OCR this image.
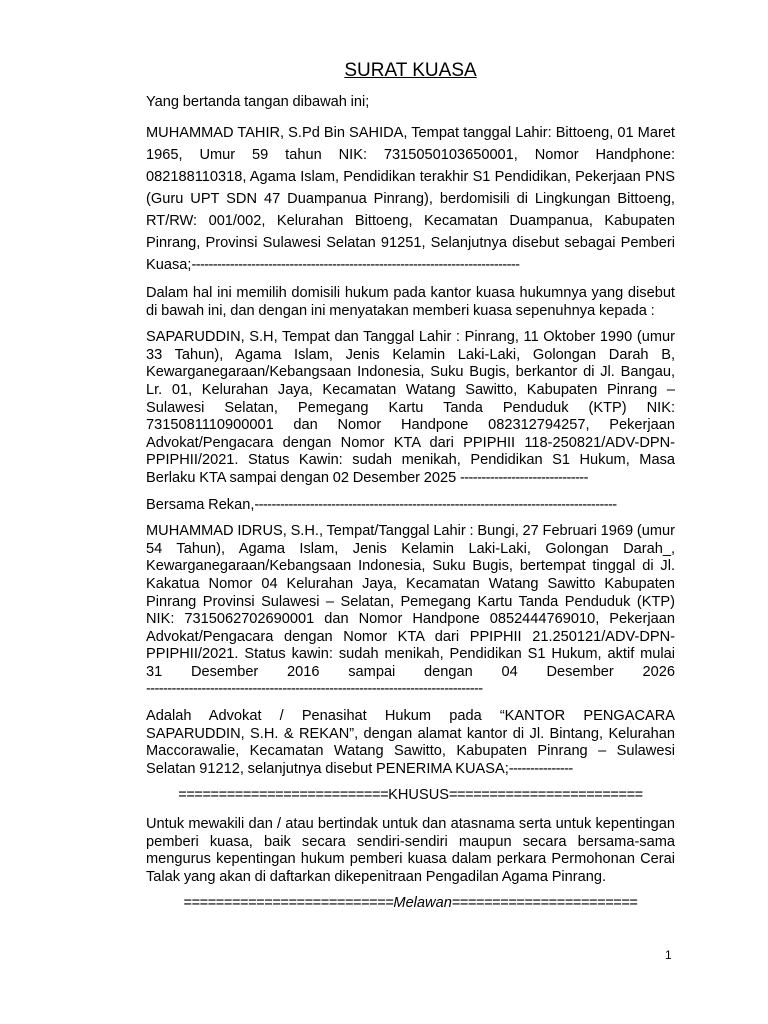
SURAT KUASA
Yang bertanda tangan dibawah ini;
MUHAMMAD TAHIR, S.Pd Bin SAHIDA, Tempat tanggal Lahir: Bittoeng, 01 Maret 1965, Umur 59 tahun NIK: 7315050103650001, Nomor Handphone: 082188110318, Agama Islam, Pendidikan terakhir S1 Pendidikan, Pekerjaan PNS (Guru UPT SDN 47 Duampanua Pinrang), berdomisili di Lingkungan Bittoeng, RT/RW: 001/002, Kelurahan Bittoeng, Kecamatan Duampanua, Kabupaten Pinrang, Provinsi Sulawesi Selatan 91251, Selanjutnya disebut sebagai Pemberi Kuasa;-----------------------------------------------------------------------------
Dalam hal ini memilih domisili hukum pada kantor kuasa hukumnya yang disebut di bawah ini, dan dengan ini menyatakan memberi kuasa sepenuhnya kepada :
SAPARUDDIN, S.H, Tempat dan Tanggal Lahir : Pinrang, 11 Oktober 1990 (umur 33 Tahun), Agama Islam, Jenis Kelamin Laki-Laki, Golongan Darah B, Kewarganegaraan/Kebangsaan Indonesia, Suku Bugis, berkantor di Jl. Bangau, Lr. 01, Kelurahan Jaya, Kecamatan Watang Sawitto, Kabupaten Pinrang – Sulawesi Selatan, Pemegang Kartu Tanda Penduduk (KTP) NIK: 7315081110900001 dan Nomor Handpone 082312794257, Pekerjaan Advokat/Pengacara dengan Nomor KTA dari PPIPHII 118-250821/ADV-DPN-PPIPHII/2021. Status Kawin: sudah menikah, Pendidikan S1 Hukum, Masa Berlaku KTA sampai dengan 02 Desember 2025 ------------------------------
Bersama Rekan,-------------------------------------------------------------------------------------
MUHAMMAD IDRUS, S.H., Tempat/Tanggal Lahir : Bungi, 27 Februari 1969 (umur 54 Tahun), Agama Islam, Jenis Kelamin Laki-Laki, Golongan Darah_, Kewarganegaraan/Kebangsaan Indonesia, Suku Bugis, bertempat tinggal di Jl. Kakatua Nomor 04 Kelurahan Jaya, Kecamatan Watang Sawitto Kabupaten Pinrang Provinsi Sulawesi – Selatan, Pemegang Kartu Tanda Penduduk (KTP) NIK: 7315062702690001 dan Nomor Handpone 0852444769010, Pekerjaan Advokat/Pengacara dengan Nomor KTA dari PPIPHII 21.250121/ADV-DPN-PPIPHII/2021. Status kawin: sudah menikah, Pendidikan S1 Hukum, aktif mulai 31 Desember 2016 sampai dengan 04 Desember 2026 -------------------------------------------------------------------------------
Adalah Advokat / Penasihat Hukum pada “KANTOR PENGACARA SAPARUDDIN, S.H. & REKAN”, dengan alamat kantor di Jl. Bintang, Kelurahan Maccorawalie, Kecamatan Watang Sawitto, Kabupaten Pinrang – Sulawesi Selatan 91212, selanjutnya disebut PENERIMA KUASA;---------------
==========================KHUSUS========================
Untuk mewakili dan / atau bertindak untuk dan atasnama serta untuk kepentingan pemberi kuasa, baik secara sendiri-sendiri maupun secara bersama-sama mengurus kepentingan hukum pemberi kuasa dalam perkara Permohonan Cerai Talak yang akan di daftarkan dikepenitraan Pengadilan Agama Pinrang.
==========================Melawan=======================
1
